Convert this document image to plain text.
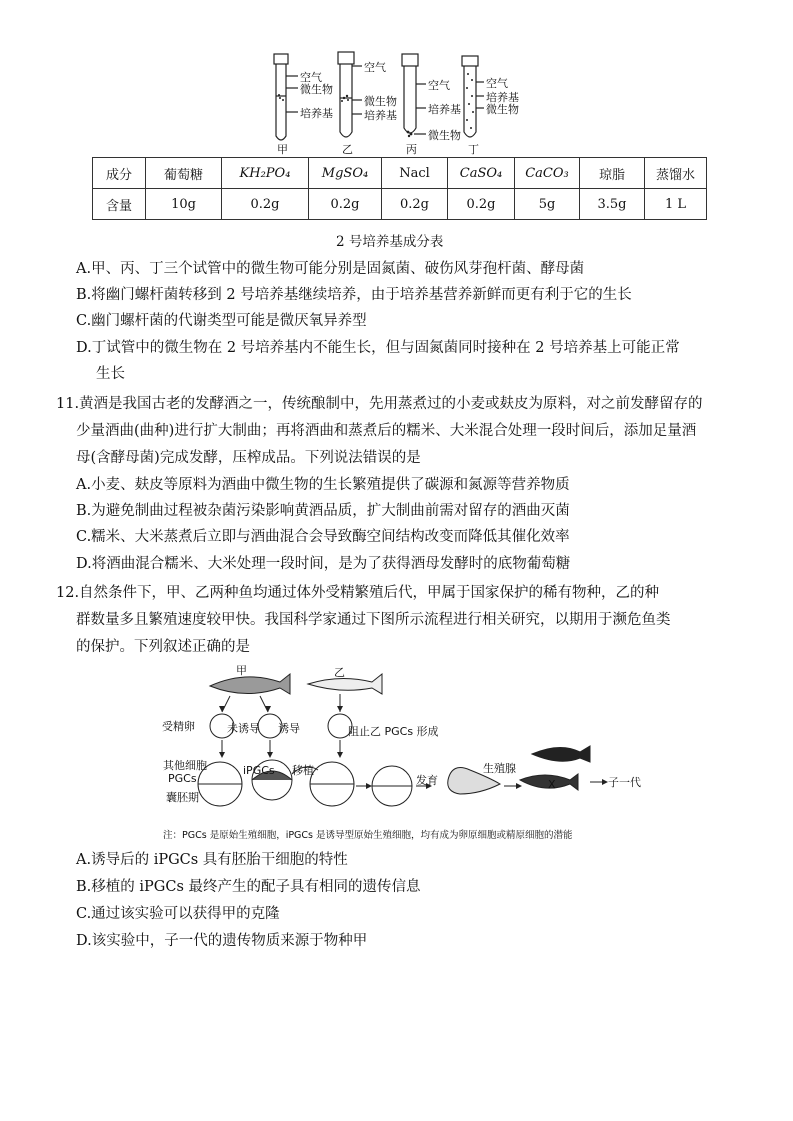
空气
微生物
培养基
空气
微生物
培养基
空气
培养基
微生物
空气
培养基
微生物
甲	乙	丙	丁
成分	葡萄糖	KH₂PO₄	MgSO₄	Nacl	CaSO₄	CaCO₃	琼脂	蒸馏水
含量	10g	0.2g	0.2g	0.2g	0.2g	5g	3.5g	1 L
2 号培养基成分表
A.甲、丙、丁三个试管中的微生物可能分别是固氮菌、破伤风芽孢杆菌、酵母菌
B.将幽门螺杆菌转移到 2 号培养基继续培养，由于培养基营养新鲜而更有利于它的生长
C.幽门螺杆菌的代谢类型可能是微厌氧异养型
D.丁试管中的微生物在 2 号培养基内不能生长，但与固氮菌同时接种在 2 号培养基上可能正常
生长
11.黄酒是我国古老的发酵酒之一，传统酿制中，先用蒸煮过的小麦或麸皮为原料，对之前发酵留存的
少量酒曲(曲种)进行扩大制曲；再将酒曲和蒸煮后的糯米、大米混合处理一段时间后，添加足量酒
母(含酵母菌)完成发酵，压榨成品。下列说法错误的是
A.小麦、麸皮等原料为酒曲中微生物的生长繁殖提供了碳源和氮源等营养物质
B.为避免制曲过程被杂菌污染影响黄酒品质，扩大制曲前需对留存的酒曲灭菌
C.糯米、大米蒸煮后立即与酒曲混合会导致酶空间结构改变而降低其催化效率
D.将酒曲混合糯米、大米处理一段时间，是为了获得酒母发酵时的底物葡萄糖
12.自然条件下，甲、乙两种鱼均通过体外受精繁殖后代，甲属于国家保护的稀有物种，乙的种
群数量多且繁殖速度较甲快。我国科学家通过下图所示流程进行相关研究，以期用于濒危鱼类
的保护。下列叙述正确的是
甲	乙
受精卵	未诱导 诱导	阻止乙 PGCs 形成
其他细胞
PGCs
囊胚期
iPGCs 移植
发育
生殖腺
X	子一代
注：PGCs 是原始生殖细胞，iPGCs 是诱导型原始生殖细胞，均有成为卵原细胞或精原细胞的潜能
A.诱导后的 iPGCs 具有胚胎干细胞的特性
B.移植的 iPGCs 最终产生的配子具有相同的遗传信息
C.通过该实验可以获得甲的克隆
D.该实验中，子一代的遗传物质来源于物种甲
